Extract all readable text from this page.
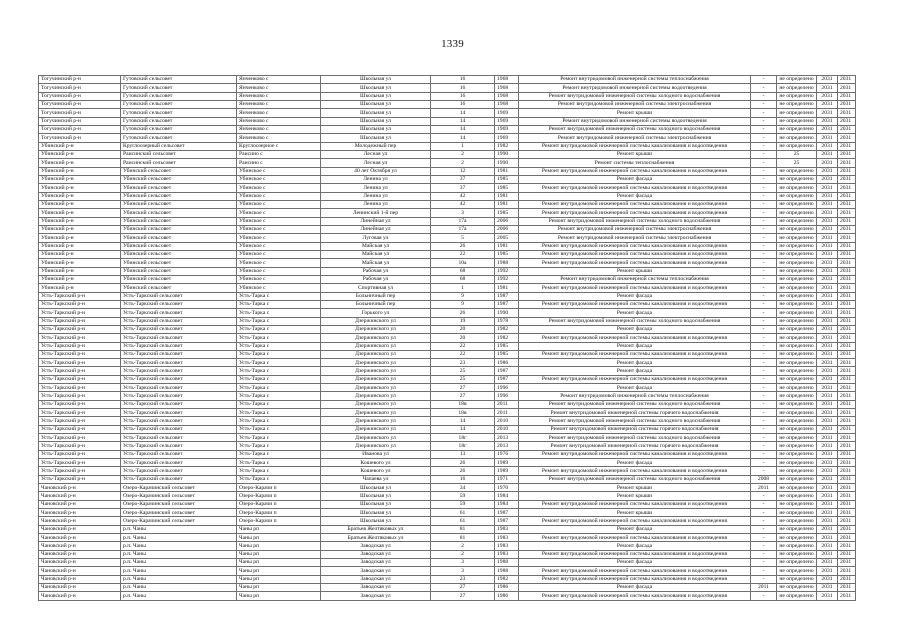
1339
Тогучинский р-н	Гутовский сельсовет	Янченково с	Школьная ул	16	1968	Ремонт внутридомовой инженерной системы теплоснабжения	-	не определено	2031	2031
Тогучинский р-н	Гутовский сельсовет	Янченково с	Школьная ул	16	1968	Ремонт внутридомовой инженерной системы водоотведения	-	не определено	2031	2031
Тогучинский р-н	Гутовский сельсовет	Янченково с	Школьная ул	16	1968	Ремонт внутридомовой инженерной системы холодного водоснабжения	-	не определено	2031	2031
Тогучинский р-н	Гутовский сельсовет	Янченково с	Школьная ул	16	1968	Ремонт внутридомовой инженерной системы электроснабжения	-	не определено	2031	2031
Тогучинский р-н	Гутовский сельсовет	Янченково с	Школьная ул	14	1969	Ремонт крыши	-	не определено	2031	2031
Тогучинский р-н	Гутовский сельсовет	Янченково с	Школьная ул	14	1969	Ремонт внутридомовой инженерной системы водоотведения	-	не определено	2031	2031
Тогучинский р-н	Гутовский сельсовет	Янченково с	Школьная ул	14	1969	Ремонт внутридомовой инженерной системы холодного водоснабжения	-	не определено	2031	2031
Тогучинский р-н	Гутовский сельсовет	Янченково с	Школьная ул	14	1969	Ремонт внутридомовой инженерной системы электроснабжения	-	не определено	2031	2031
Убинский р-н	Круглоозерный сельсовет	Круглоозерное с	Молодежный пер	1	1982	Ремонт внутридомовой инженерной системы канализования и водоотведения	-	не определено	2031	2031
Убинский р-н	Раисинский сельсовет	Раисино с	Лесная ул	2	1990	Ремонт крыши	-	25	2031	2031
Убинский р-н	Раисинский сельсовет	Раисино с	Лесная ул	2	1990	Ремонт системы теплоснабжения	-	25	2031	2031
Убинский р-н	Убинский сельсовет	Убинское с	40 лет Октября ул	12	1981	Ремонт внутридомовой инженерной системы канализования и водоотведения	-	не определено	2031	2031
Убинский р-н	Убинский сельсовет	Убинское с	Ленина ул	37	1985	Ремонт фасада	-	не определено	2031	2031
Убинский р-н	Убинский сельсовет	Убинское с	Ленина ул	37	1985	Ремонт внутридомовой инженерной системы канализования и водоотведения	-	не определено	2031	2031
Убинский р-н	Убинский сельсовет	Убинское с	Ленина ул	42	1981	Ремонт фасада	-	не определено	2031	2031
Убинский р-н	Убинский сельсовет	Убинское с	Ленина ул	42	1981	Ремонт внутридомовой инженерной системы канализования и водоотведения	-	не определено	2031	2031
Убинский р-н	Убинский сельсовет	Убинское с	Ленинский 1-й пер	3	1985	Ремонт внутридомовой инженерной системы канализования и водоотведения	-	не определено	2031	2031
Убинский р-н	Убинский сельсовет	Убинское с	Линейная ул	17а	2006	Ремонт внутридомовой инженерной системы холодного водоснабжения	-	не определено	2031	2031
Убинский р-н	Убинский сельсовет	Убинское с	Линейная ул	17а	2006	Ремонт внутридомовой инженерной системы электроснабжения	-	не определено	2031	2031
Убинский р-н	Убинский сельсовет	Убинское с	Луговая ул	5	2005	Ремонт внутридомовой инженерной системы электроснабжения	-	не определено	2031	2031
Убинский р-н	Убинский сельсовет	Убинское с	Майская ул	26	1981	Ремонт внутридомовой инженерной системы канализования и водоотведения	-	не определено	2031	2031
Убинский р-н	Убинский сельсовет	Убинское с	Майская ул	22	1985	Ремонт внутридомовой инженерной системы канализования и водоотведения	-	не определено	2031	2031
Убинский р-н	Убинский сельсовет	Убинское с	Майская ул	10а	1988	Ремонт внутридомовой инженерной системы канализования и водоотведения	-	не определено	2031	2031
Убинский р-н	Убинский сельсовет	Убинское с	Рабочая ул	68	1992	Ремонт крыши	-	не определено	2031	2031
Убинский р-н	Убинский сельсовет	Убинское с	Рабочая ул	68	1992	Ремонт внутридомовой инженерной системы теплоснабжения	-	не определено	2031	2031
Убинский р-н	Убинский сельсовет	Убинское с	Спортивная ул	1	1981	Ремонт внутридомовой инженерной системы канализования и водоотведения	-	не определено	2031	2031
Усть-Таркский р-н	Усть-Таркский сельсовет	Усть-Тарка с	Больничный пер	9	1987	Ремонт фасада	-	не определено	2031	2031
Усть-Таркский р-н	Усть-Таркский сельсовет	Усть-Тарка с	Больничный пер	9	1987	Ремонт внутридомовой инженерной системы канализования и водоотведения	-	не определено	2031	2031
Усть-Таркский р-н	Усть-Таркский сельсовет	Усть-Тарка с	Горького ул	26	1990	Ремонт фасада	-	не определено	2031	2031
Усть-Таркский р-н	Усть-Таркский сельсовет	Усть-Тарка с	Дзержинского ул	19	1978	Ремонт внутридомовой инженерной системы холодного водоснабжения	-	не определено	2031	2031
Усть-Таркский р-н	Усть-Таркский сельсовет	Усть-Тарка с	Дзержинского ул	20	1982	Ремонт фасада	-	не определено	2031	2031
Усть-Таркский р-н	Усть-Таркский сельсовет	Усть-Тарка с	Дзержинского ул	20	1982	Ремонт внутридомовой инженерной системы канализования и водоотведения	-	не определено	2031	2031
Усть-Таркский р-н	Усть-Таркский сельсовет	Усть-Тарка с	Дзержинского ул	22	1985	Ремонт фасада	-	не определено	2031	2031
Усть-Таркский р-н	Усть-Таркский сельсовет	Усть-Тарка с	Дзержинского ул	22	1985	Ремонт внутридомовой инженерной системы канализования и водоотведения	-	не определено	2031	2031
Усть-Таркский р-н	Усть-Таркский сельсовет	Усть-Тарка с	Дзержинского ул	23	1986	Ремонт фасада	-	не определено	2031	2031
Усть-Таркский р-н	Усть-Таркский сельсовет	Усть-Тарка с	Дзержинского ул	25	1987	Ремонт фасада	-	не определено	2031	2031
Усть-Таркский р-н	Усть-Таркский сельсовет	Усть-Тарка с	Дзержинского ул	25	1987	Ремонт внутридомовой инженерной системы канализования и водоотведения	-	не определено	2031	2031
Усть-Таркский р-н	Усть-Таркский сельсовет	Усть-Тарка с	Дзержинского ул	27	1996	Ремонт фасада	-	не определено	2031	2031
Усть-Таркский р-н	Усть-Таркский сельсовет	Усть-Тарка с	Дзержинского ул	27	1996	Ремонт внутридомовой инженерной системы теплоснабжения	-	не определено	2031	2031
Усть-Таркский р-н	Усть-Таркский сельсовет	Усть-Тарка с	Дзержинского ул	18в	2011	Ремонт внутридомовой инженерной системы холодного водоснабжения	-	не определено	2031	2031
Усть-Таркский р-н	Усть-Таркский сельсовет	Усть-Тарка с	Дзержинского ул	18в	2011	Ремонт внутридомовой инженерной системы горячего водоснабжения	-	не определено	2031	2031
Усть-Таркский р-н	Усть-Таркский сельсовет	Усть-Тарка с	Дзержинского ул	14	2010	Ремонт внутридомовой инженерной системы холодного водоснабжения	-	не определено	2031	2031
Усть-Таркский р-н	Усть-Таркский сельсовет	Усть-Тарка с	Дзержинского ул	14	2010	Ремонт внутридомовой инженерной системы горячего водоснабжения	-	не определено	2031	2031
Усть-Таркский р-н	Усть-Таркский сельсовет	Усть-Тарка с	Дзержинского ул	18г	2013	Ремонт внутридомовой инженерной системы холодного водоснабжения	-	не определено	2031	2031
Усть-Таркский р-н	Усть-Таркский сельсовет	Усть-Тарка с	Дзержинского ул	18г	2013	Ремонт внутридомовой инженерной системы горячего водоснабжения	-	не определено	2031	2031
Усть-Таркский р-н	Усть-Таркский сельсовет	Усть-Тарка с	Иванова ул	13	1976	Ремонт внутридомовой инженерной системы канализования и водоотведения	-	не определено	2031	2031
Усть-Таркский р-н	Усть-Таркский сельсовет	Усть-Тарка с	Кошевого ул	26	1989	Ремонт фасада	-	не определено	2031	2031
Усть-Таркский р-н	Усть-Таркский сельсовет	Усть-Тарка с	Кошевого ул	26	1989	Ремонт внутридомовой инженерной системы канализования и водоотведения	-	не определено	2031	2031
Усть-Таркский р-н	Усть-Таркский сельсовет	Усть-Тарка с	Чапаева ул	16	1971	Ремонт внутридомовой инженерной системы холодного водоснабжения	2008	не определено	2031	2031
Чановский р-н	Озеро-Карачинский сельсовет	Озеро-Карачи п	Школьная ул	34	1970	Ремонт крыши	2011	не определено	2031	2031
Чановский р-н	Озеро-Карачинский сельсовет	Озеро-Карачи п	Школьная ул	59	1984	Ремонт крыши	-	не определено	2031	2031
Чановский р-н	Озеро-Карачинский сельсовет	Озеро-Карачи п	Школьная ул	59	1984	Ремонт внутридомовой инженерной системы канализования и водоотведения	-	не определено	2031	2031
Чановский р-н	Озеро-Карачинский сельсовет	Озеро-Карачи п	Школьная ул	61	1987	Ремонт крыши	-	не определено	2031	2031
Чановский р-н	Озеро-Карачинский сельсовет	Озеро-Карачи п	Школьная ул	61	1987	Ремонт внутридомовой инженерной системы канализования и водоотведения	-	не определено	2031	2031
Чановский р-н	р.п. Чаны	Чаны рп	Братьев Желтяковых ул	81	1983	Ремонт фасада	-	не определено	2031	2031
Чановский р-н	р.п. Чаны	Чаны рп	Братьев Желтяковых ул	81	1983	Ремонт внутридомовой инженерной системы канализования и водоотведения	-	не определено	2031	2031
Чановский р-н	р.п. Чаны	Чаны рп	Заводская ул	2	1983	Ремонт фасада	-	не определено	2031	2031
Чановский р-н	р.п. Чаны	Чаны рп	Заводская ул	2	1983	Ремонт внутридомовой инженерной системы канализования и водоотведения	-	не определено	2031	2031
Чановский р-н	р.п. Чаны	Чаны рп	Заводская ул	3	1988	Ремонт фасада	-	не определено	2031	2031
Чановский р-н	р.п. Чаны	Чаны рп	Заводская ул	3	1988	Ремонт внутридомовой инженерной системы канализования и водоотведения	-	не определено	2031	2031
Чановский р-н	р.п. Чаны	Чаны рп	Заводская ул	23	1982	Ремонт внутридомовой инженерной системы канализования и водоотведения	-	не определено	2031	2031
Чановский р-н	р.п. Чаны	Чаны рп	Заводская ул	27	1986	Ремонт фасада	2011	не определено	2031	2031
Чановский р-н	р.п. Чаны	Чаны рп	Заводская ул	27	1986	Ремонт внутридомовой инженерной системы канализования и водоотведения	-	не определено	2031	2031
